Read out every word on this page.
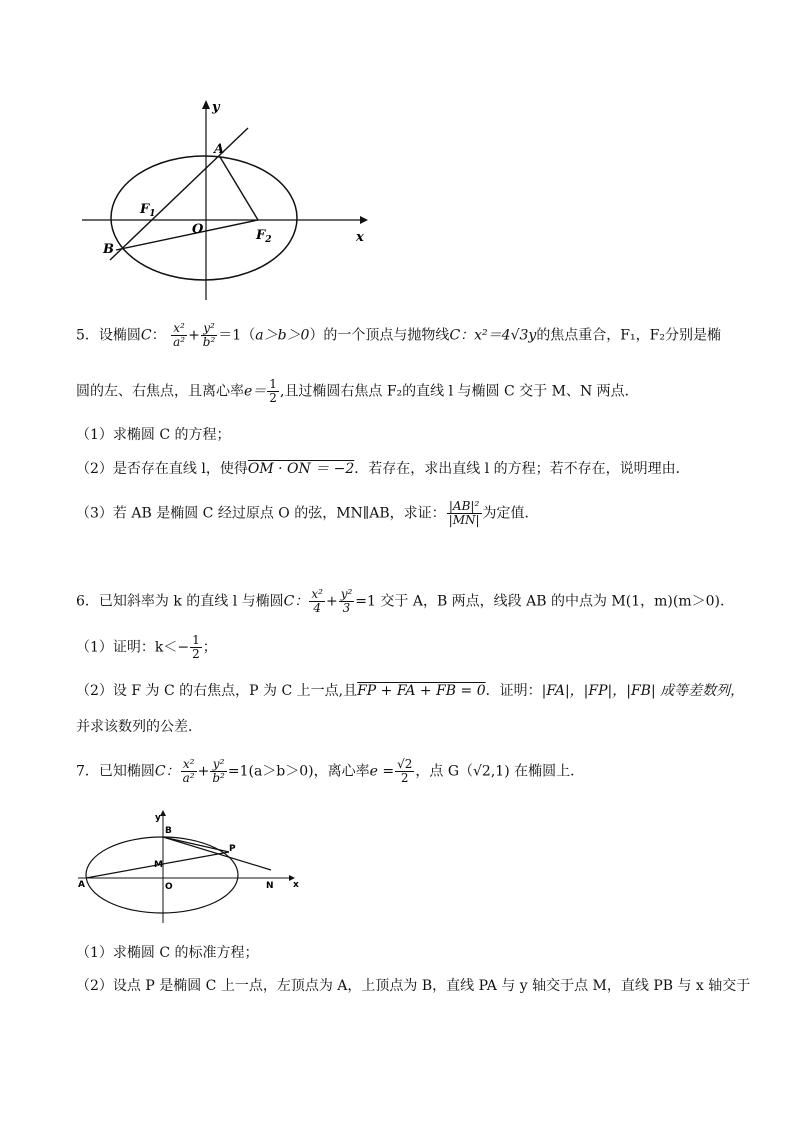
y
x
A
B
O
$F_1$
$F_2$
5．设椭圆C： $\frac{\text{x²}}{\text{a²}} + \frac{\text{y²}}{\text{b²}} =1(a>b>0)$的一个顶点与抛物线C：x²＝4√3y的焦点重合，F₁，F₂分别是椭
圆的左、右焦点，且离心率$e= \frac{1}{2}$ ,且过椭圆右焦点 F₂的直线 l 与椭圆 C 交于 M、N 两点．
（1）求椭圆 C 的方程；
（2）是否存在直线 l，使得OM · ON ＝ −2．若存在，求出直线 l 的方程；若不存在，说明理由．
（3）若 AB 是椭圆 C 经过原点 O 的弦，MN∥AB，求证： $\frac{\text{|AB|²}}{|MN|}$ 为定值．
6．已知斜率为 k 的直线 l 与椭圆C： $\frac{\text{x²}}{4} + \frac{\text{y²}}{3} =1$ 交于 A，B 两点，线段 AB 的中点为 M(1，m)(m＞0)．
（1）证明：$k<- \frac{1}{2}$ ；
（2）设 F 为 C 的右焦点，P 为 C 上一点,且FP + FA + FB = 0．证明：|FA|，|FP|，|FB| 成等差数列，
并求该数列的公差．
7．已知椭圆C： $\frac{\text{x²}}{\text{a²}} + \frac{\text{y²}}{\text{b²}} =1(a>b>0)$，离心率$e = \frac{√2}{2}$ ，点 G（√2,1) 在椭圆上．
y
x
A
B
P
M
O	N
（1）求椭圆 C 的标准方程；
（2）设点 P 是椭圆 C 上一点，左顶点为 A，上顶点为 B，直线 PA 与 y 轴交于点 M，直线 PB 与 x 轴交于
